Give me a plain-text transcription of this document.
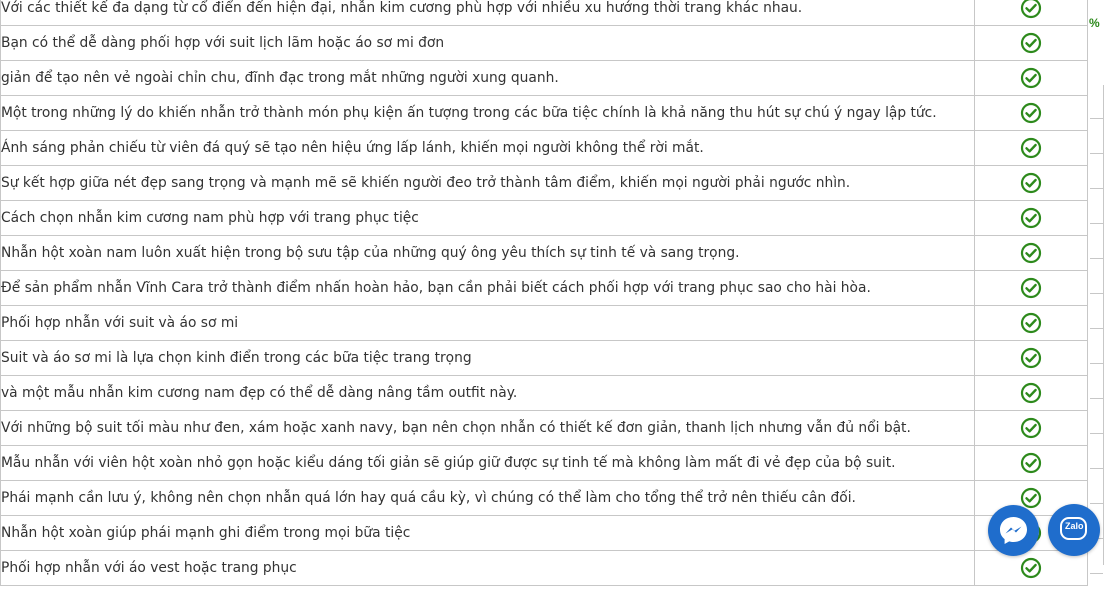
Với các thiết kế đa dạng từ cổ điển đến hiện đại, nhẫn kim cương phù hợp với nhiều xu hướng thời trang khác nhau.	
Bạn có thể dễ dàng phối hợp với suit lịch lãm hoặc áo sơ mi đơn	
giản để tạo nên vẻ ngoài chỉn chu, đĩnh đạc trong mắt những người xung quanh.	
Một trong những lý do khiến nhẫn trở thành món phụ kiện ấn tượng trong các bữa tiệc chính là khả năng thu hút sự chú ý ngay lập tức.	
Ánh sáng phản chiếu từ viên đá quý sẽ tạo nên hiệu ứng lấp lánh, khiến mọi người không thể rời mắt.	
Sự kết hợp giữa nét đẹp sang trọng và mạnh mẽ sẽ khiến người đeo trở thành tâm điểm, khiến mọi người phải ngước nhìn.	
Cách chọn nhẫn kim cương nam phù hợp với trang phục tiệc	
Nhẫn hột xoàn nam luôn xuất hiện trong bộ sưu tập của những quý ông yêu thích sự tinh tế và sang trọng.	
Để sản phẩm nhẫn Vĩnh Cara trở thành điểm nhấn hoàn hảo, bạn cần phải biết cách phối hợp với trang phục sao cho hài hòa.	
Phối hợp nhẫn với suit và áo sơ mi	
Suit và áo sơ mi là lựa chọn kinh điển trong các bữa tiệc trang trọng	
và một mẫu nhẫn kim cương nam đẹp có thể dễ dàng nâng tầm outfit này.	
Với những bộ suit tối màu như đen, xám hoặc xanh navy, bạn nên chọn nhẫn có thiết kế đơn giản, thanh lịch nhưng vẫn đủ nổi bật.	
Mẫu nhẫn với viên hột xoàn nhỏ gọn hoặc kiểu dáng tối giản sẽ giúp giữ được sự tinh tế mà không làm mất đi vẻ đẹp của bộ suit.	
Phái mạnh cần lưu ý, không nên chọn nhẫn quá lớn hay quá cầu kỳ, vì chúng có thể làm cho tổng thể trở nên thiếu cân đối.	
Nhẫn hột xoàn giúp phái mạnh ghi điểm trong mọi bữa tiệc	
Phối hợp nhẫn với áo vest hoặc trang phục	
%
Zalo
